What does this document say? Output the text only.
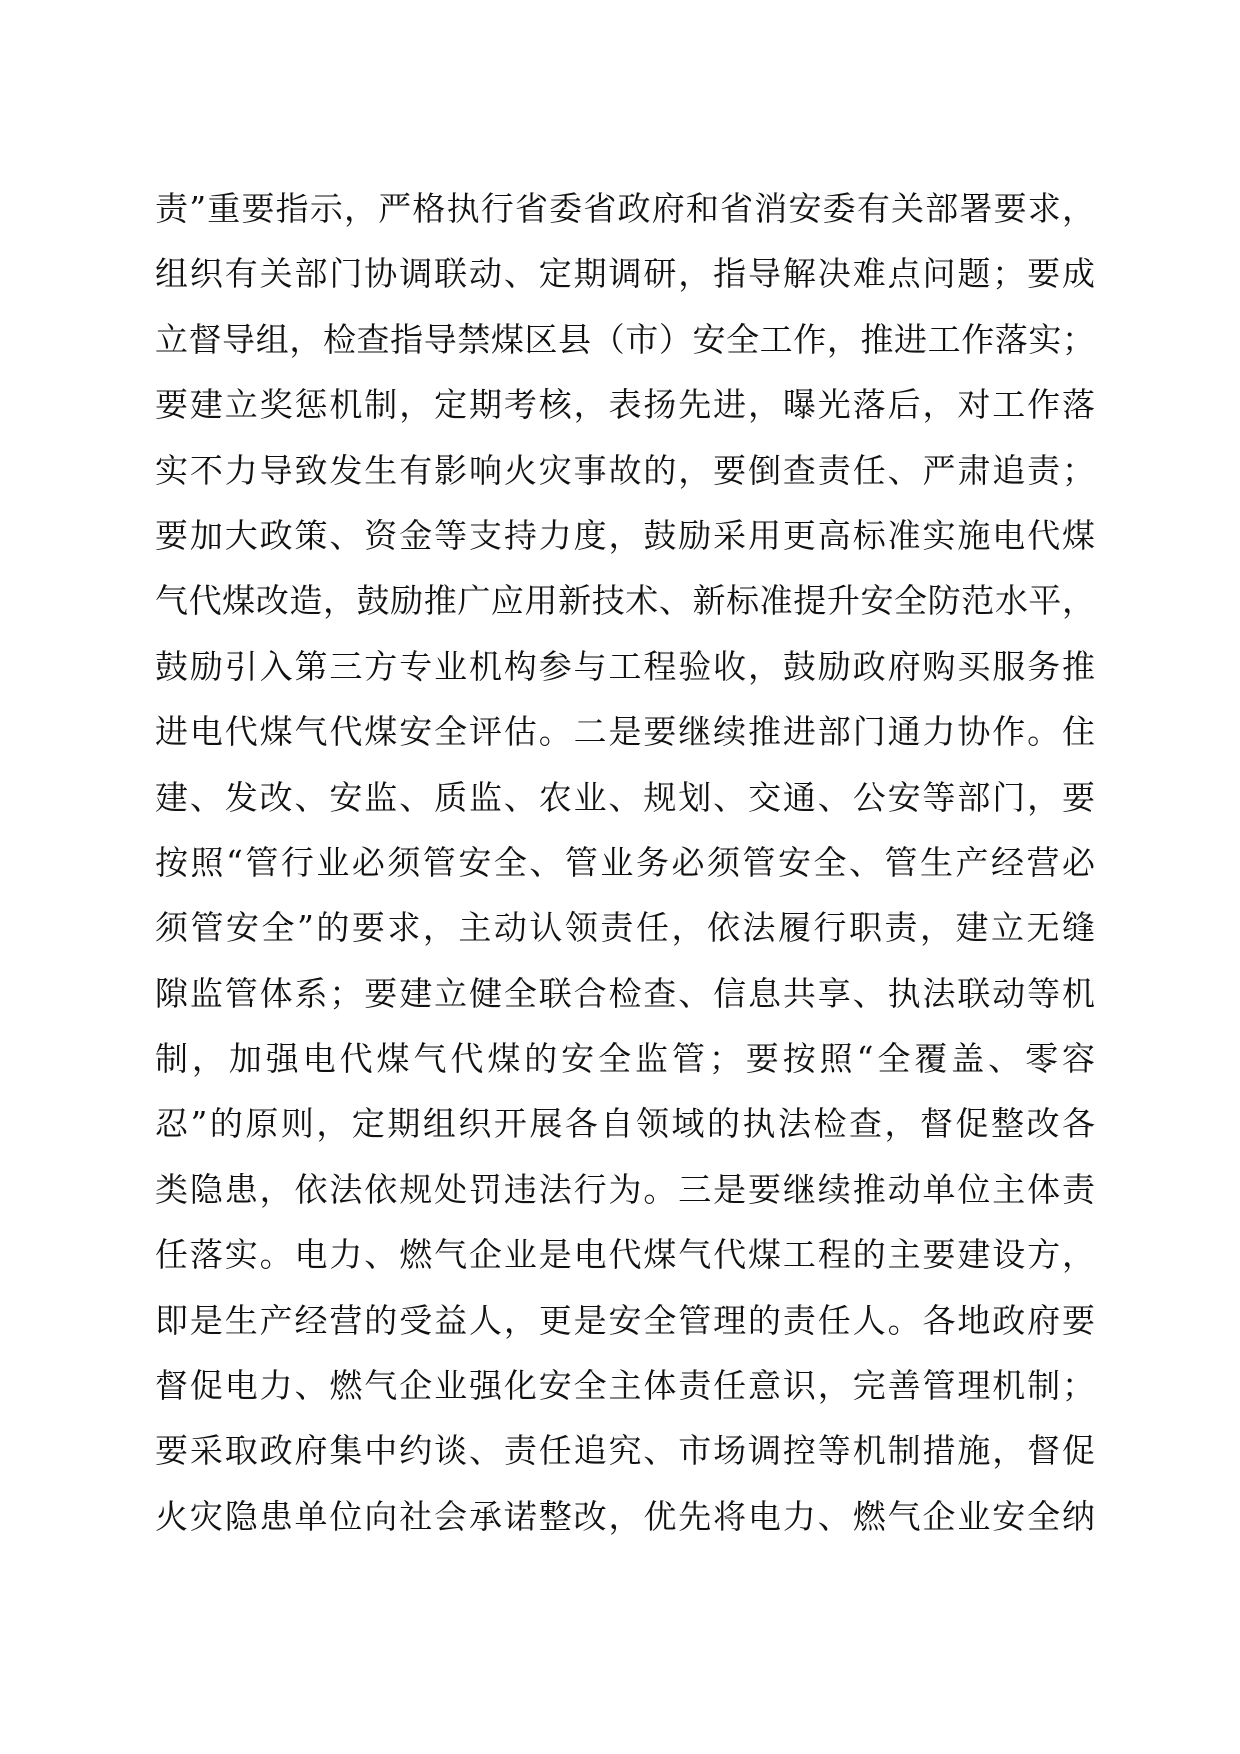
责”重要指示，严格执行省委省政府和省消安委有关部署要求，
组织有关部门协调联动、定期调研，指导解决难点问题；要成
立督导组，检查指导禁煤区县（市）安全工作，推进工作落实；
要建立奖惩机制，定期考核，表扬先进，曝光落后，对工作落
实不力导致发生有影响火灾事故的，要倒查责任、严肃追责；
要加大政策、资金等支持力度，鼓励采用更高标准实施电代煤
气代煤改造，鼓励推广应用新技术、新标准提升安全防范水平，
鼓励引入第三方专业机构参与工程验收，鼓励政府购买服务推
进电代煤气代煤安全评估。二是要继续推进部门通力协作。住
建、发改、安监、质监、农业、规划、交通、公安等部门，要
按照“管行业必须管安全、管业务必须管安全、管生产经营必
须管安全”的要求，主动认领责任，依法履行职责，建立无缝
隙监管体系；要建立健全联合检查、信息共享、执法联动等机
制，加强电代煤气代煤的安全监管；要按照“全覆盖、零容
忍”的原则，定期组织开展各自领域的执法检查，督促整改各
类隐患，依法依规处罚违法行为。三是要继续推动单位主体责
任落实。电力、燃气企业是电代煤气代煤工程的主要建设方，
即是生产经营的受益人，更是安全管理的责任人。各地政府要
督促电力、燃气企业强化安全主体责任意识，完善管理机制；
要采取政府集中约谈、责任追究、市场调控等机制措施，督促
火灾隐患单位向社会承诺整改，优先将电力、燃气企业安全纳
